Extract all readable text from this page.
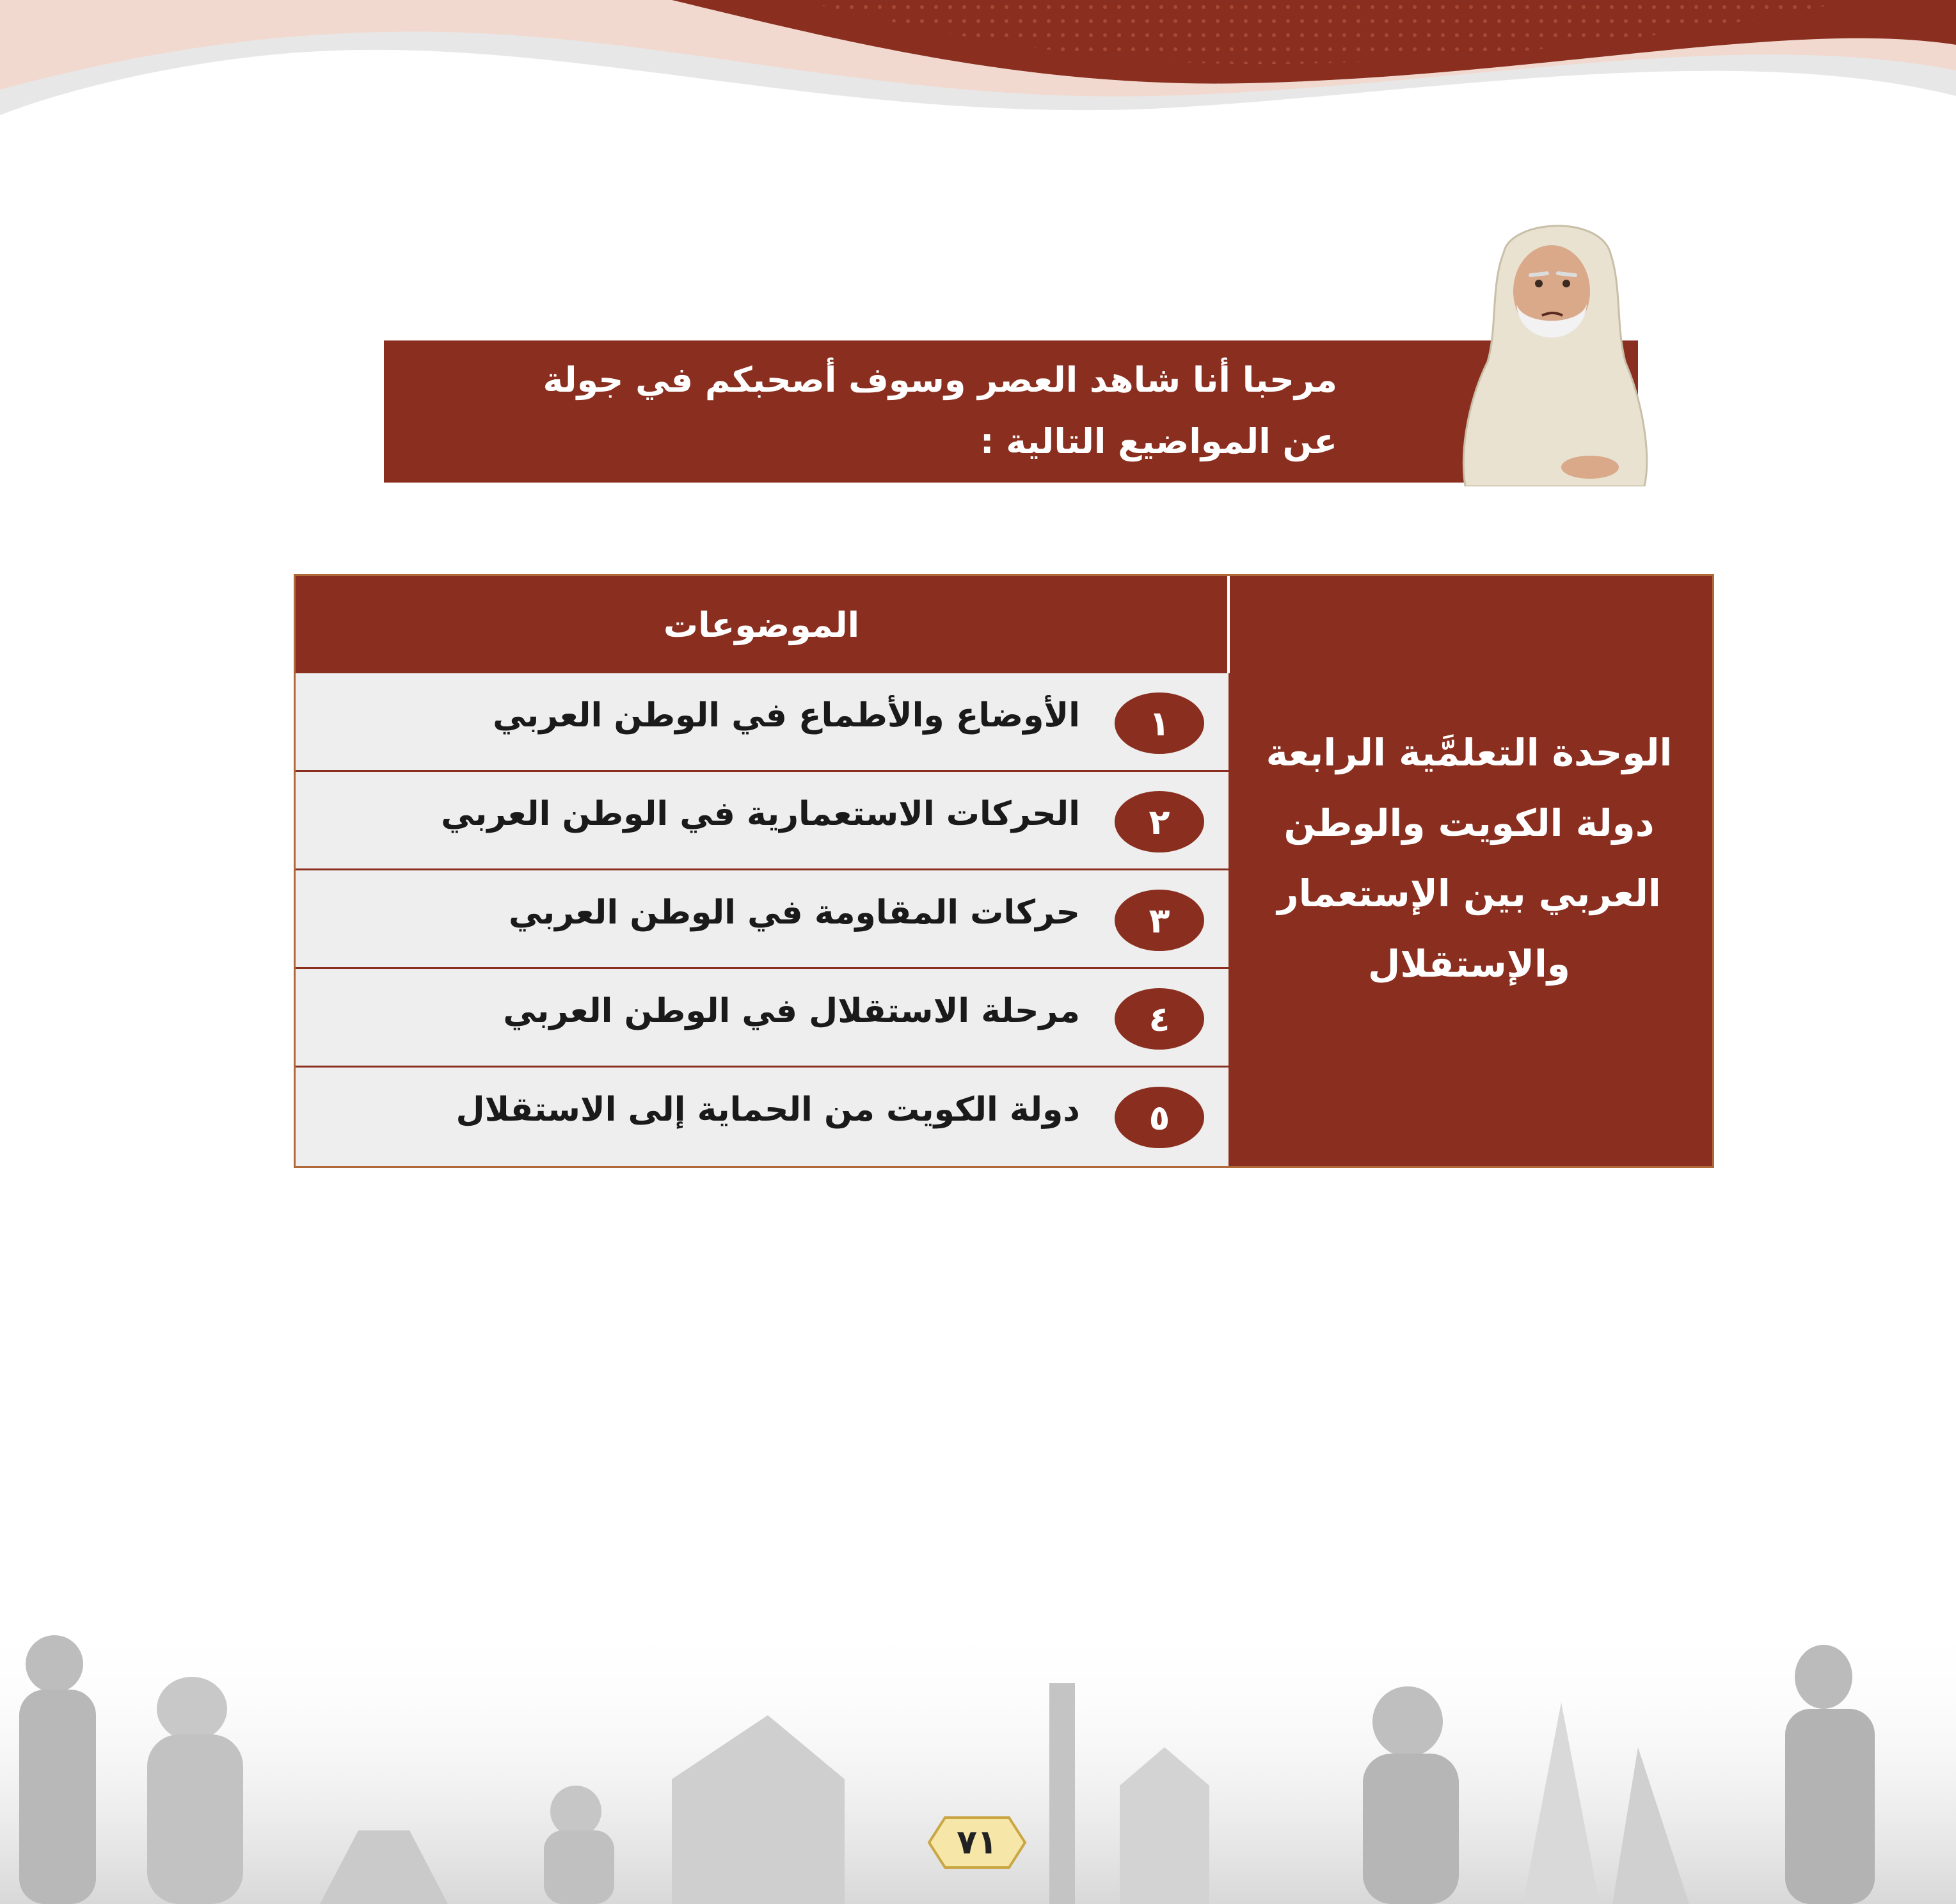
مرحبا أنا شاهد العصر وسوف أصحبكم في جولة
عن المواضيع التالية :
الوحدة التعلمَّية الرابعة
دولة الكويت والوطن
العربي بين الإستعمار
والإستقلال
الموضوعات
١
الأوضاع والأطماع في الوطن العربي
٢
الحركات الاستعمارية في الوطن العربي
٣
حركات المقاومة في الوطن العربي
٤
مرحلة الاستقلال في الوطن العربي
٥
دولة الكويت من الحماية إلى الاستقلال
٧١
